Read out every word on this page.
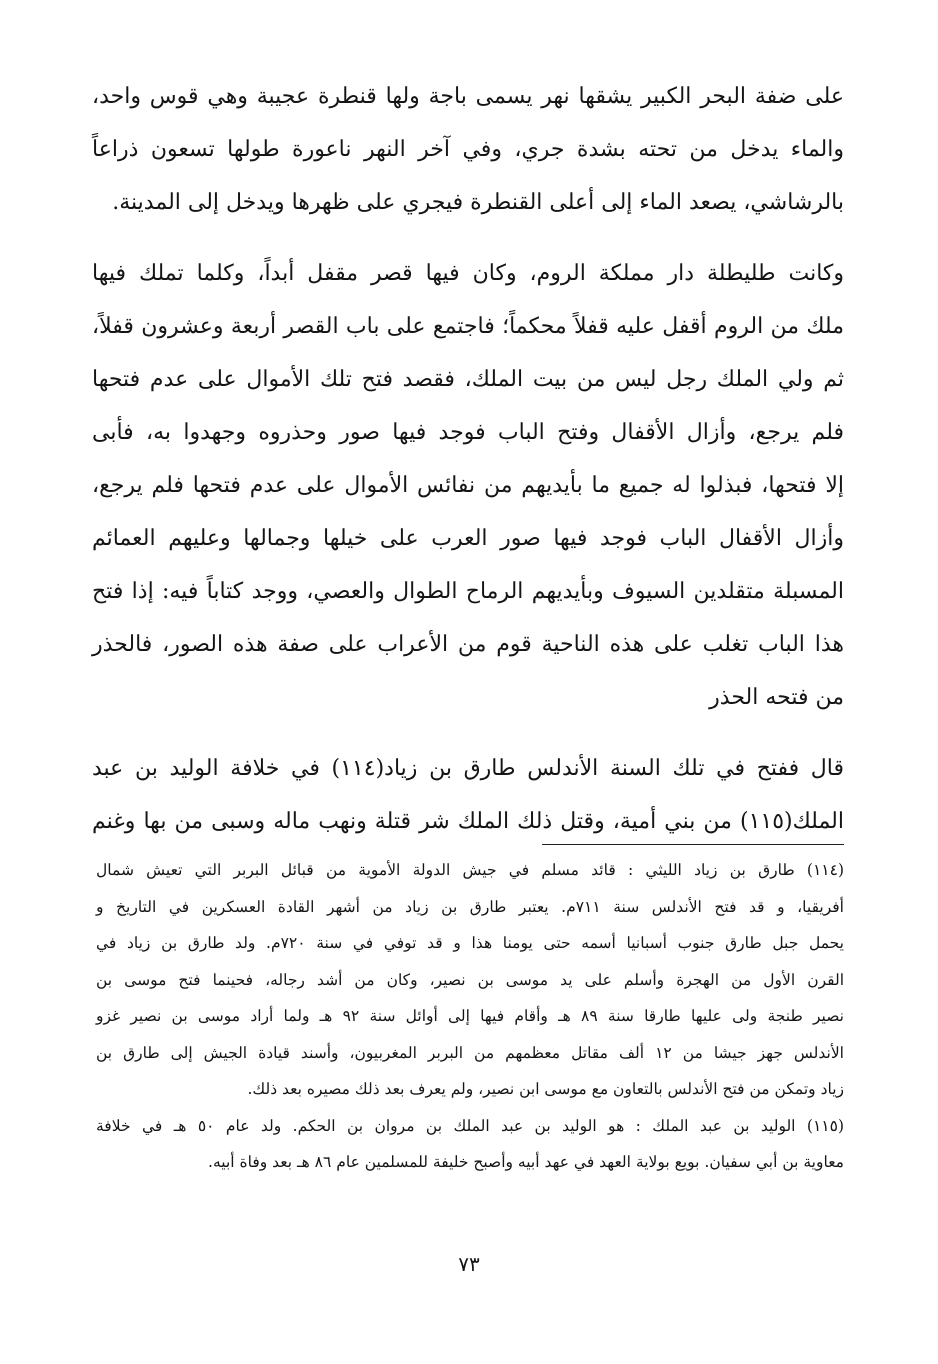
على ضفة البحر الكبير يشقها نهر يسمى باجة ولها قنطرة عجيبة وهي قوس واحد،
والماء يدخل من تحته بشدة جري، وفي آخر النهر ناعورة طولها تسعون ذراعاً
بالرشاشي، يصعد الماء إلى أعلى القنطرة فيجري على ظهرها ويدخل إلى المدينة.

وكانت طليطلة دار مملكة الروم، وكان فيها قصر مقفل أبداً، وكلما تملك فيها
ملك من الروم أقفل عليه قفلاً محكماً؛ فاجتمع على باب القصر أربعة وعشرون قفلاً،
ثم ولي الملك رجل ليس من بيت الملك، فقصد فتح تلك الأموال على عدم فتحها
فلم يرجع، وأزال الأقفال وفتح الباب فوجد فيها صور وحذروه وجهدوا به، فأبى
إلا فتحها، فبذلوا له جميع ما بأيديهم من نفائس الأموال على عدم فتحها فلم يرجع،
وأزال الأقفال الباب فوجد فيها صور العرب على خيلها وجمالها وعليهم العمائم
المسبلة متقلدين السيوف وبأيديهم الرماح الطوال والعصي، ووجد كتاباً فيه: إذا فتح
هذا الباب تغلب على هذه الناحية قوم من الأعراب على صفة هذه الصور، فالحذر
من فتحه الحذر

قال ففتح في تلك السنة الأندلس طارق بن زياد(١١٤) في خلافة الوليد بن عبد
الملك(١١٥) من بني أمية، وقتل ذلك الملك شر قتلة ونهب ماله وسبى من بها وغنم

(١١٤) طارق بن زياد الليثي : قائد مسلم في جيش الدولة الأموية من قبائل البربر التي تعيش شمال
أفريقيا، و قد فتح الأندلس سنة ٧١١م. يعتبر طارق بن زياد من أشهر القادة العسكرين في التاريخ و
يحمل جبل طارق جنوب أسبانيا أسمه حتى يومنا هذا و قد توفي في سنة ٧٢٠م. ولد طارق بن زياد في
القرن الأول من الهجرة وأسلم على يد موسى بن نصير، وكان من أشد رجاله، فحينما فتح موسى بن
نصير طنجة ولى عليها طارقا سنة ٨٩ هـ وأقام فيها إلى أوائل سنة ٩٢ هـ ولما أراد موسى بن نصير غزو
الأندلس جهز جيشا من ١٢ ألف مقاتل معظمهم من البربر المغربيون، وأسند قيادة الجيش إلى طارق بن
زياد وتمكن من فتح الأندلس بالتعاون مع موسى ابن نصير، ولم يعرف بعد ذلك مصيره بعد ذلك.

(١١٥) الوليد بن عبد الملك : هو الوليد بن عبد الملك بن مروان بن الحكم. ولد عام ٥٠ هـ في خلافة
معاوية بن أبي سفيان. بويع بولاية العهد في عهد أبيه وأصبح خليفة للمسلمين عام ٨٦ هـ بعد وفاة أبيه.

٧٣
